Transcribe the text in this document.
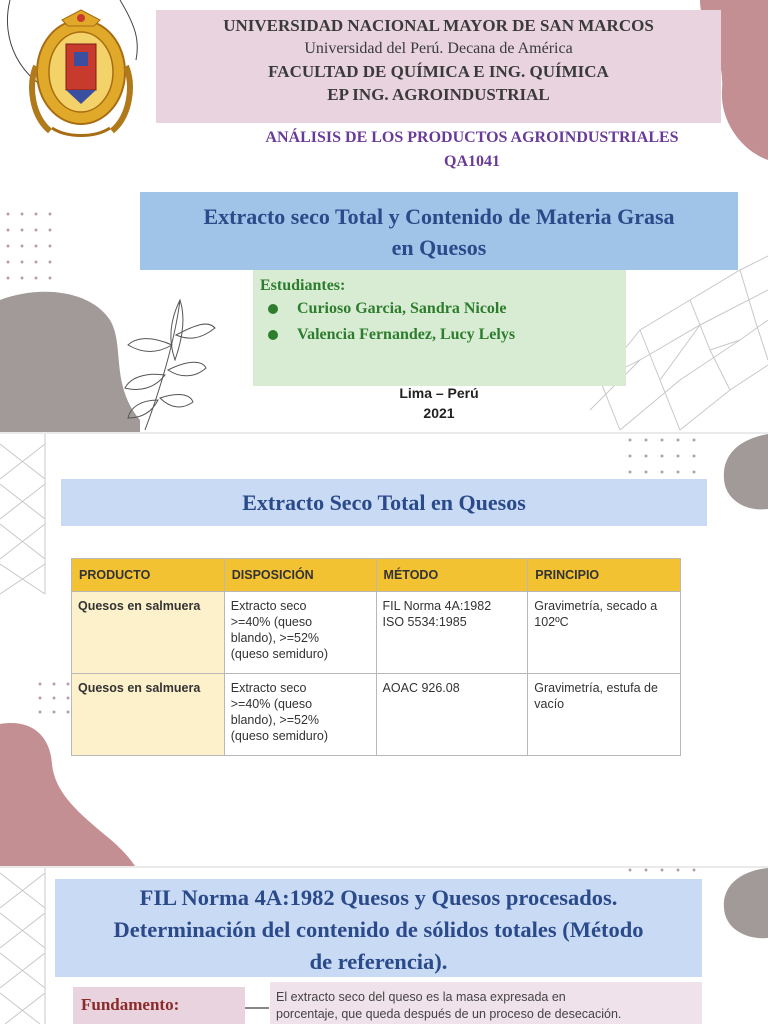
UNIVERSIDAD NACIONAL MAYOR DE SAN MARCOS
Universidad del Perú. Decana de América
FACULTAD DE QUÍMICA E ING. QUÍMICA
EP ING. AGROINDUSTRIAL
ANÁLISIS DE LOS PRODUCTOS AGROINDUSTRIALES
QA1041
Extracto seco Total y Contenido de Materia Grasa
en Quesos
Estudiantes:
Curioso Garcia, Sandra Nicole
Valencia Fernandez, Lucy Lelys
Lima – Perú
2021
Extracto Seco Total en Quesos
PRODUCTO	DISPOSICIÓN	MÉTODO	PRINCIPIO
Quesos en salmuera	Extracto seco
>=40% (queso
blando), >=52%
(queso semiduro)	FIL Norma 4A:1982
ISO 5534:1985	Gravimetría, secado a
102ºC

Quesos en salmuera	Extracto seco
>=40% (queso
blando), >=52%
(queso semiduro)	AOAC 926.08	Gravimetría, estufa de
vacío
FIL Norma 4A:1982 Quesos y Quesos procesados.
Determinación del contenido de sólidos totales (Método
de referencia).
Fundamento:	El extracto seco del queso es la masa expresada en
porcentaje, que queda después de un proceso de desecación.
